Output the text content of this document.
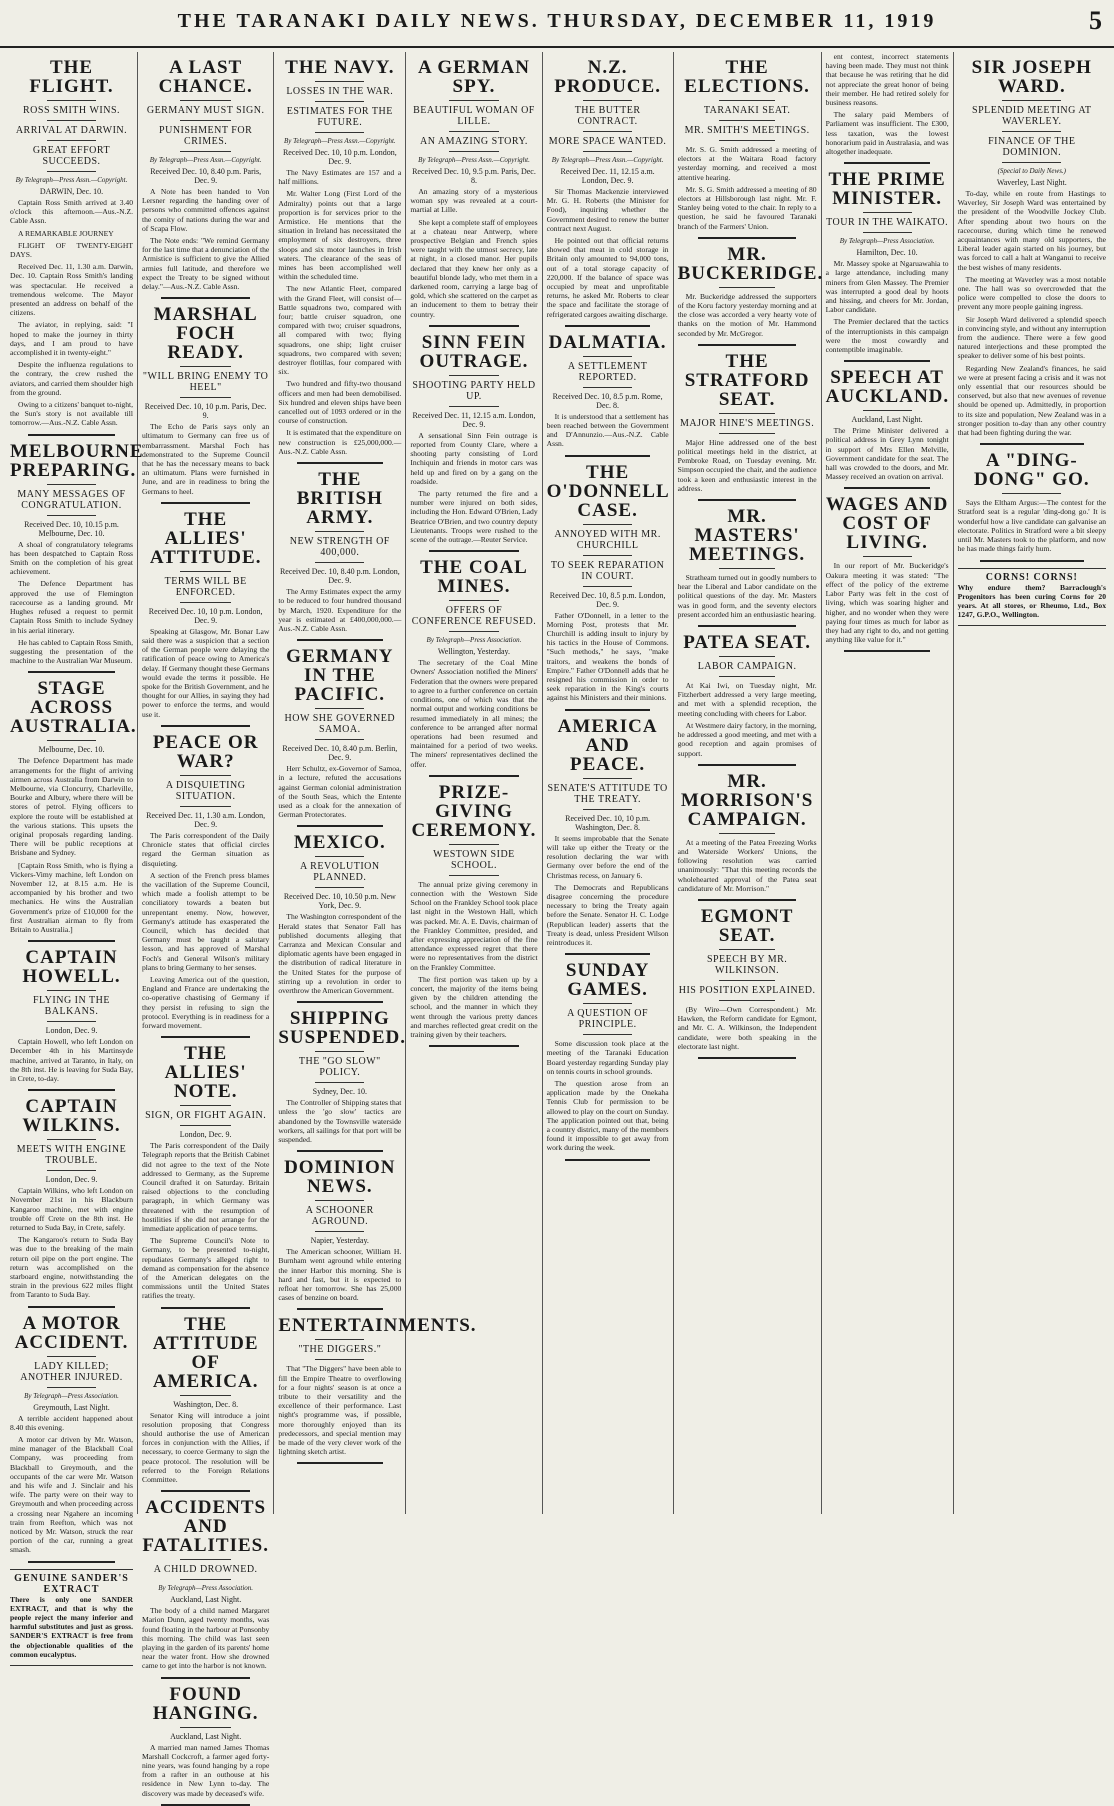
THE TARANAKI DAILY NEWS. THURSDAY, DECEMBER 11, 1919	5
THE FLIGHT.
ROSS SMITH WINS.
ARRIVAL AT DARWIN.
GREAT EFFORT SUCCEEDS.
By Telegraph—Press Assn.—Copyright.
DARWIN, Dec. 10.

Captain Ross Smith arrived at 3.40 o'clock this afternoon.—Aus.-N.Z. Cable Assn.

A REMARKABLE JOURNEY

FLIGHT OF TWENTY-EIGHT DAYS.

Received Dec. 11, 1.30 a.m. Darwin, Dec. 10. Captain Ross Smith's landing was spectacular. He received a tremendous welcome. The Mayor presented an address on behalf of the citizens.

The aviator, in replying, said: "I hoped to make the journey in thirty days, and I am proud to have accomplished it in twenty-eight."

Despite the influenza regulations to the contrary, the crew rushed the aviators, and carried them shoulder high from the ground.

Owing to a citizens' banquet to-night, the Sun's story is not available till tomorrow.—Aus.-N.Z. Cable Assn.

MELBOURNE PREPARING.
MANY MESSAGES OF CONGRATULATION.
Received Dec. 10, 10.15 p.m. Melbourne, Dec. 10.

A shoal of congratulatory telegrams has been despatched to Captain Ross Smith on the completion of his great achievement.

The Defence Department has approved the use of Flemington racecourse as a landing ground. Mr Hughes refused a request to permit Captain Ross Smith to include Sydney in his aerial itinerary.

He has cabled to Captain Ross Smith, suggesting the presentation of the machine to the Australian War Museum.

STAGE ACROSS AUSTRALIA.
Melbourne, Dec. 10.

The Defence Department has made arrangements for the flight of arriving airmen across Australia from Darwin to Melbourne, via Cloncurry, Charleville, Bourke and Albury, where there will be stores of petrol. Flying officers to explore the route will be established at the various stations. This upsets the original proposals regarding landing. There will be public receptions at Brisbane and Sydney.

[Captain Ross Smith, who is flying a Vickers-Vimy machine, left London on November 12, at 8.15 a.m. He is accompanied by his brother and two mechanics. He wins the Australian Government's prize of £10,000 for the first Australian airman to fly from Britain to Australia.]

CAPTAIN HOWELL.
FLYING IN THE BALKANS.
London, Dec. 9.

Captain Howell, who left London on December 4th in his Martinsyde machine, arrived at Taranto, in Italy, on the 8th inst. He is leaving for Suda Bay, in Crete, to-day.

CAPTAIN WILKINS.
MEETS WITH ENGINE TROUBLE.
London, Dec. 9.

Captain Wilkins, who left London on November 21st in his Blackburn Kangaroo machine, met with engine trouble off Crete on the 8th inst. He returned to Suda Bay, in Crete, safely.

The Kangaroo's return to Suda Bay was due to the breaking of the main return oil pipe on the port engine. The return was accomplished on the starboard engine, notwithstanding the strain in the previous 622 miles flight from Taranto to Suda Bay.

A MOTOR ACCIDENT.
LADY KILLED; ANOTHER INJURED.
By Telegraph—Press Association.
Greymouth, Last Night.

A terrible accident happened about 8.40 this evening.

A motor car driven by Mr. Watson, mine manager of the Blackball Coal Company, was proceeding from Blackball to Greymouth, and the occupants of the car were Mr. Watson and his wife and J. Sinclair and his wife. The party were on their way to Greymouth and when proceeding across a crossing near Ngahere an incoming train from Reefton, which was not noticed by Mr. Watson, struck the rear portion of the car, running a great smash.

GENUINE SANDER'S EXTRACT

There is only one SANDER EXTRACT, and that is why the people reject the many inferior and harmful substitutes and just as gross. SANDER'S EXTRACT is free from the objectionable qualities of the common eucalyptus.

A LAST CHANCE.
GERMANY MUST SIGN.
PUNISHMENT FOR CRIMES.
By Telegraph—Press Assn.—Copyright.
Received Dec. 10, 8.40 p.m. Paris, Dec. 9.

A Note has been handed to Von Lersner regarding the handing over of persons who committed offences against the comity of nations during the war and of Scapa Flow.

The Note ends: "We remind Germany for the last time that a denunciation of the Armistice is sufficient to give the Allied armies full latitude, and therefore we expect the Treaty to be signed without delay."—Aus.-N.Z. Cable Assn.

MARSHAL FOCH READY.
"WILL BRING ENEMY TO HEEL"
Received Dec. 10, 10 p.m. Paris, Dec. 9.

The Echo de Paris says only an ultimatum to Germany can free us of embarrassment. Marshal Foch has demonstrated to the Supreme Council that he has the necessary means to back an ultimatum. Plans were furnished in June, and are in readiness to bring the Germans to heel.

THE ALLIES' ATTITUDE.
TERMS WILL BE ENFORCED.
Received Dec. 10, 10 p.m. London, Dec. 9.

Speaking at Glasgow, Mr. Bonar Law said there was a suspicion that a section of the German people were delaying the ratification of peace owing to America's delay. If Germany thought these Germans would evade the terms it possible. He spoke for the British Government, and he thought for our Allies, in saying they had power to enforce the terms, and would use it.

PEACE OR WAR?
A DISQUIETING SITUATION.
Received Dec. 11, 1.30 a.m. London, Dec. 9.

The Paris correspondent of the Daily Chronicle states that official circles regard the German situation as disquieting.

A section of the French press blames the vacillation of the Supreme Council, which made a foolish attempt to be conciliatory towards a beaten but unrepentant enemy. Now, however, Germany's attitude has exasperated the Council, which has decided that Germany must be taught a salutary lesson, and has approved of Marshal Foch's and General Wilson's military plans to bring Germany to her senses.

Leaving America out of the question, England and France are undertaking the co-operative chastising of Germany if they persist in refusing to sign the protocol. Everything is in readiness for a forward movement.

THE ALLIES' NOTE.
SIGN, OR FIGHT AGAIN.
London, Dec. 9.

The Paris correspondent of the Daily Telegraph reports that the British Cabinet did not agree to the text of the Note addressed to Germany, as the Supreme Council drafted it on Saturday. Britain raised objections to the concluding paragraph, in which Germany was threatened with the resumption of hostilities if she did not arrange for the immediate application of peace terms.

The Supreme Council's Note to Germany, to be presented to-night, repudiates Germany's alleged right to demand as compensation for the absence of the American delegates on the commissions until the United States ratifies the treaty.

THE ATTITUDE OF AMERICA.
Washington, Dec. 8.

Senator King will introduce a joint resolution proposing that Congress should authorise the use of American forces in conjunction with the Allies, if necessary, to coerce Germany to sign the peace protocol. The resolution will be referred to the Foreign Relations Committee.

ACCIDENTS AND FATALITIES.
A CHILD DROWNED.
By Telegraph—Press Association.
Auckland, Last Night.

The body of a child named Margaret Marion Dunn, aged twenty months, was found floating in the harbour at Ponsonby this morning. The child was last seen playing in the garden of its parents' home near the water front. How she drowned came to get into the harbor is not known.

FOUND HANGING.
Auckland, Last Night.

A married man named James Thomas Marshall Cockcroft, a farmer aged forty-nine years, was found hanging by a rope from a rafter in an outhouse at his residence in New Lynn to-day. The discovery was made by deceased's wife.

THE NAVY.
LOSSES IN THE WAR.
ESTIMATES FOR THE FUTURE.
By Telegraph—Press Assn.—Copyright.
Received Dec. 10, 10 p.m. London, Dec. 9.

The Navy Estimates are 157 and a half millions.

Mr. Walter Long (First Lord of the Admiralty) points out that a large proportion is for services prior to the Armistice. He mentions that the situation in Ireland has necessitated the employment of six destroyers, three sloops and six motor launches in Irish waters. The clearance of the seas of mines has been accomplished well within the scheduled time.

The new Atlantic Fleet, compared with the Grand Fleet, will consist of—Battle squadrons two, compared with four; battle cruiser squadron, one compared with two; cruiser squadrons, all compared with two; flying squadrons, one ship; light cruiser squadrons, two compared with seven; destroyer flotillas, four compared with six.

Two hundred and fifty-two thousand officers and men had been demobilised. Six hundred and eleven ships have been cancelled out of 1093 ordered or in the course of construction.

It is estimated that the expenditure on new construction is £25,000,000.—Aus.-N.Z. Cable Assn.

THE BRITISH ARMY.
NEW STRENGTH OF 400,000.
Received Dec. 10, 8.40 p.m. London, Dec. 9.

The Army Estimates expect the army to be reduced to four hundred thousand by March, 1920. Expenditure for the year is estimated at £400,000,000.—Aus.-N.Z. Cable Assn.

GERMANY IN THE PACIFIC.
HOW SHE GOVERNED SAMOA.
Received Dec. 10, 8.40 p.m. Berlin, Dec. 9.

Herr Schultz, ex-Governor of Samoa, in a lecture, refuted the accusations against German colonial administration of the South Seas, which the Entente used as a cloak for the annexation of German Protectorates.

MEXICO.
A REVOLUTION PLANNED.
Received Dec. 10, 10.50 p.m. New York, Dec. 9.

The Washington correspondent of the Herald states that Senator Fall has published documents alleging that Carranza and Mexican Consular and diplomatic agents have been engaged in the distribution of radical literature in the United States for the purpose of stirring up a revolution in order to overthrow the American Government.

SHIPPING SUSPENDED.
THE "GO SLOW" POLICY.
Sydney, Dec. 10.

The Controller of Shipping states that unless the 'go slow' tactics are abandoned by the Townsville waterside workers, all sailings for that port will be suspended.

DOMINION NEWS.
A SCHOONER AGROUND.
Napier, Yesterday.

The American schooner, William H. Burnham went aground while entering the inner Harbor this morning. She is hard and fast, but it is expected to refloat her tomorrow. She has 25,000 cases of benzine on board.

ENTERTAINMENTS.
"THE DIGGERS."

That "The Diggers" have been able to fill the Empire Theatre to overflowing for a four nights' season is at once a tribute to their versatility and the excellence of their performance. Last night's programme was, if possible, more thoroughly enjoyed than its predecessors, and special mention may be made of the very clever work of the lightning sketch artist.

A GERMAN SPY.
BEAUTIFUL WOMAN OF LILLE.
AN AMAZING STORY.
By Telegraph—Press Assn.—Copyright.
Received Dec. 10, 9.5 p.m. Paris, Dec. 8.

An amazing story of a mysterious woman spy was revealed at a court-martial at Lille.

She kept a complete staff of employees at a chateau near Antwerp, where prospective Belgian and French spies were taught with the utmost secrecy, late at night, in a closed manor. Her pupils declared that they knew her only as a beautiful blonde lady, who met them in a darkened room, carrying a large bag of gold, which she scattered on the carpet as an inducement to them to betray their country.

SINN FEIN OUTRAGE.
SHOOTING PARTY HELD UP.
Received Dec. 11, 12.15 a.m. London, Dec. 9.

A sensational Sinn Fein outrage is reported from County Clare, where a shooting party consisting of Lord Inchiquin and friends in motor cars was held up and fired on by a gang on the roadside.

The party returned the fire and a number were injured on both sides, including the Hon. Edward O'Brien, Lady Beatrice O'Brien, and two country deputy Lieutenants. Troops were rushed to the scene of the outrage.—Reuter Service.

THE COAL MINES.
OFFERS OF CONFERENCE REFUSED.
By Telegraph—Press Association.
Wellington, Yesterday.

The secretary of the Coal Mine Owners' Association notified the Miners' Federation that the owners were prepared to agree to a further conference on certain conditions, one of which was that the normal output and working conditions be resumed immediately in all mines; the conference to be arranged after normal operations had been resumed and maintained for a period of two weeks. The miners' representatives declined the offer.

PRIZE-GIVING CEREMONY.
WESTOWN SIDE SCHOOL.

The annual prize giving ceremony in connection with the Westown Side School on the Frankley School took place last night in the Westown Hall, which was packed. Mr. A. E. Davis, chairman of the Frankley Committee, presided, and after expressing appreciation of the fine attendance expressed regret that there were no representatives from the district on the Frankley Committee.

The first portion was taken up by a concert, the majority of the items being given by the children attending the school, and the manner in which they went through the various pretty dances and marches reflected great credit on the training given by their teachers.

N.Z. PRODUCE.
THE BUTTER CONTRACT.
MORE SPACE WANTED.
By Telegraph—Press Assn.—Copyright.
Received Dec. 11, 12.15 a.m. London, Dec. 9.

Sir Thomas Mackenzie interviewed Mr. G. H. Roberts (the Minister for Food), inquiring whether the Government desired to renew the butter contract next August.

He pointed out that official returns showed that meat in cold storage in Britain only amounted to 94,000 tons, out of a total storage capacity of 220,000. If the balance of space was occupied by meat and unprofitable returns, he asked Mr. Roberts to clear the space and facilitate the storage of refrigerated cargoes awaiting discharge.

DALMATIA.
A SETTLEMENT REPORTED.
Received Dec. 10, 8.5 p.m. Rome, Dec. 8.

It is understood that a settlement has been reached between the Government and D'Annunzio.—Aus.-N.Z. Cable Assn.

THE O'DONNELL CASE.
ANNOYED WITH MR. CHURCHILL
TO SEEK REPARATION IN COURT.
Received Dec. 10, 8.5 p.m. London, Dec. 9.

Father O'Donnell, in a letter to the Morning Post, protests that Mr. Churchill is adding insult to injury by his tactics in the House of Commons. "Such methods," he says, "make traitors, and weakens the bonds of Empire." Father O'Donnell adds that he resigned his commission in order to seek reparation in the King's courts against his Ministers and their minions.

AMERICA AND PEACE.
SENATE'S ATTITUDE TO THE TREATY.
Received Dec. 10, 10 p.m. Washington, Dec. 8.

It seems improbable that the Senate will take up either the Treaty or the resolution declaring the war with Germany over before the end of the Christmas recess, on January 6.

The Democrats and Republicans disagree concerning the procedure necessary to bring the Treaty again before the Senate. Senator H. C. Lodge (Republican leader) asserts that the Treaty is dead, unless President Wilson reintroduces it.

SUNDAY GAMES.
A QUESTION OF PRINCIPLE.

Some discussion took place at the meeting of the Taranaki Education Board yesterday regarding Sunday play on tennis courts in school grounds.

The question arose from an application made by the Onekaha Tennis Club for permission to be allowed to play on the court on Sunday. The application pointed out that, being a country district, many of the members found it impossible to get away from work during the week.

THE ELECTIONS.
TARANAKI SEAT.
MR. SMITH'S MEETINGS.

Mr. S. G. Smith addressed a meeting of electors at the Waitara Road factory yesterday morning, and received a most attentive hearing.

Mr. S. G. Smith addressed a meeting of 80 electors at Hillsborough last night. Mr. F. Stanley being voted to the chair. In reply to a question, he said he favoured Taranaki branch of the Farmers' Union.

MR. BUCKERIDGE.

Mr. Buckeridge addressed the supporters of the Koru factory yesterday morning and at the close was accorded a very hearty vote of thanks on the motion of Mr. Hammond seconded by Mr. McGregor.

THE STRATFORD SEAT.
MAJOR HINE'S MEETINGS.

Major Hine addressed one of the best political meetings held in the district, at Pembroke Road, on Tuesday evening. Mr. Simpson occupied the chair, and the audience took a keen and enthusiastic interest in the address.

MR. MASTERS' MEETINGS.

Stratheam turned out in goodly numbers to hear the Liberal and Labor candidate on the political questions of the day. Mr. Masters was in good form, and the seventy electors present accorded him an enthusiastic hearing.

PATEA SEAT.
LABOR CAMPAIGN.

At Kai Iwi, on Tuesday night, Mr. Fitzherbert addressed a very large meeting, and met with a splendid reception, the meeting concluding with cheers for Labor.

At Westmere dairy factory, in the morning, he addressed a good meeting, and met with a good reception and again promises of support.

MR. MORRISON'S CAMPAIGN.

At a meeting of the Patea Freezing Works and Waterside Workers' Unions, the following resolution was carried unanimously: "That this meeting records the wholehearted approval of the Patea seat candidature of Mr. Morrison."

EGMONT SEAT.
SPEECH BY MR. WILKINSON.
HIS POSITION EXPLAINED.

(By Wire—Own Correspondent.) Mr. Hawken, the Reform candidate for Egmont, and Mr. C. A. Wilkinson, the Independent candidate, were both speaking in the electorate last night.

ent contest, incorrect statements having been made. They must not think that because he was retiring that he did not appreciate the great honor of being their member. He had retired solely for business reasons.

The salary paid Members of Parliament was insufficient. The £300, less taxation, was the lowest honorarium paid in Australasia, and was altogether inadequate.

THE PRIME MINISTER.
TOUR IN THE WAIKATO.
By Telegraph—Press Association.
Hamilton, Dec. 10.

Mr. Massey spoke at Ngaruawahia to a large attendance, including many miners from Glen Massey. The Premier was interrupted a good deal by hoots and hissing, and cheers for Mr. Jordan, Labor candidate.

The Premier declared that the tactics of the interruptionists in this campaign were the most cowardly and contemptible imaginable.

SPEECH AT AUCKLAND.
Auckland, Last Night.

The Prime Minister delivered a political address in Grey Lynn tonight in support of Mrs Ellen Melville, Government candidate for the seat. The hall was crowded to the doors, and Mr. Massey received an ovation on arrival.

WAGES AND COST OF LIVING.

In our report of Mr. Buckeridge's Oakura meeting it was stated: "The effect of the policy of the extreme Labor Party was felt in the cost of living, which was soaring higher and higher, and no wonder when they were paying four times as much for labor as they had any right to do, and not getting anything like value for it."

SIR JOSEPH WARD.
SPLENDID MEETING AT WAVERLEY.
FINANCE OF THE DOMINION.
(Special to Daily News.)
Waverley, Last Night.

To-day, while en route from Hastings to Waverley, Sir Joseph Ward was entertained by the president of the Woodville Jockey Club. After spending about two hours on the racecourse, during which time he renewed acquaintances with many old supporters, the Liberal leader again started on his journey, but was forced to call a halt at Wanganui to receive the best wishes of many residents.

The meeting at Waverley was a most notable one. The hall was so overcrowded that the police were compelled to close the doors to prevent any more people gaining ingress.

Sir Joseph Ward delivered a splendid speech in convincing style, and without any interruption from the audience. There were a few good natured interjections and these prompted the speaker to deliver some of his best points.

Regarding New Zealand's finances, he said we were at present facing a crisis and it was not only essential that our resources should be conserved, but also that new avenues of revenue should be opened up. Admittedly, in proportion to its size and population, New Zealand was in a stronger position to-day than any other country that had been fighting during the war.

A "DING-DONG" GO.

Says the Eltham Argus:—The contest for the Stratford seat is a regular 'ding-dong go.' It is wonderful how a live candidate can galvanise an electorate. Politics in Stratford were a bit sleepy until Mr. Masters took to the platform, and now he has made things fairly hum.

CORNS! CORNS!

Why endure them? Barraclough's Progenitors has been curing Corns for 20 years. At all stores, or Rheumo, Ltd., Box 1247, G.P.O., Wellington.
